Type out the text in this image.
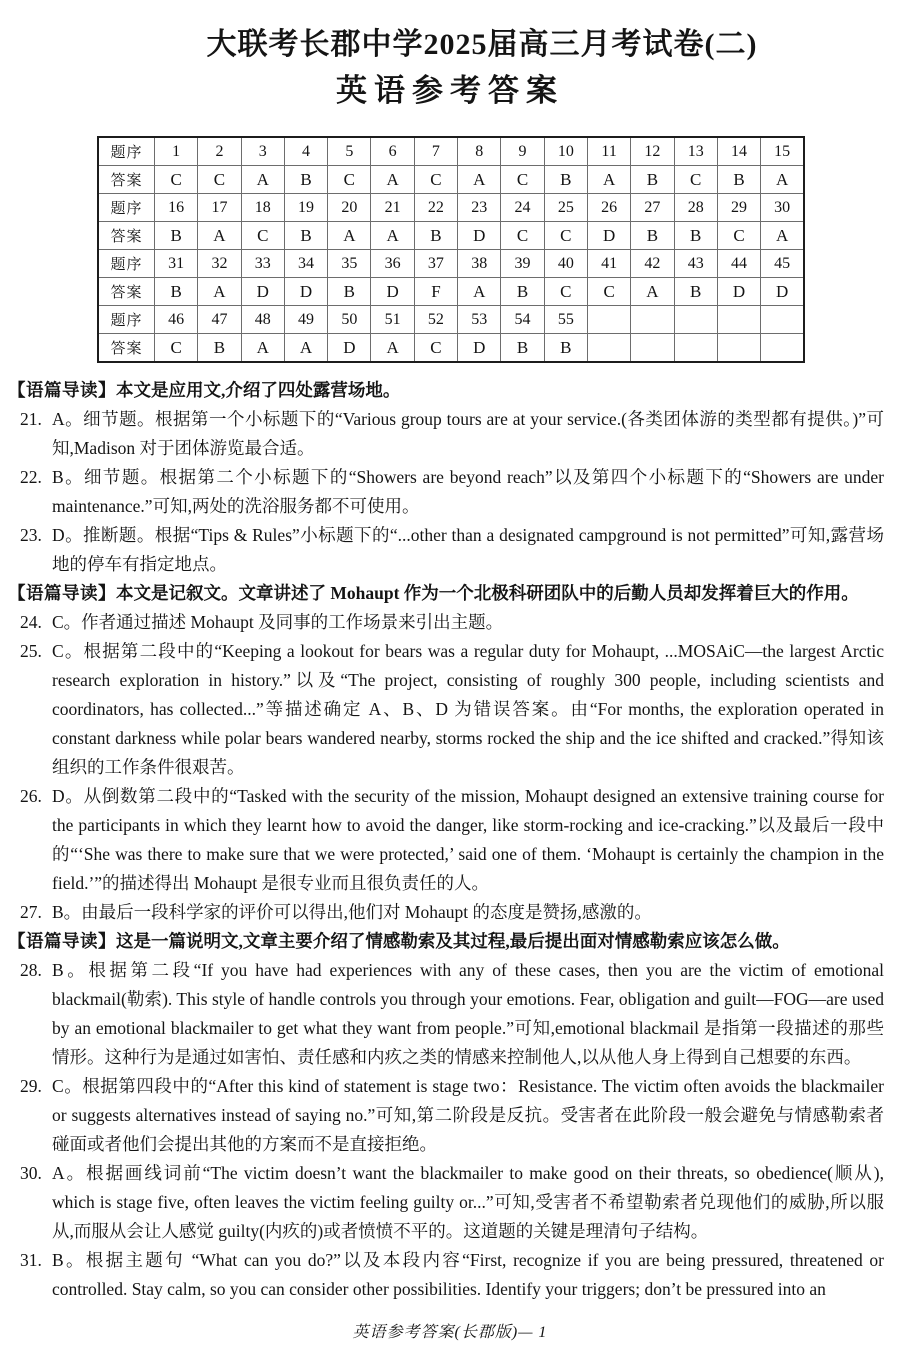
大联考长郡中学2025届高三月考试卷(二)
英语参考答案
题序	1	2	3	4	5	6	7	8	9	10	11	12	13	14	15
答案	C	C	A	B	C	A	C	A	C	B	A	B	C	B	A
题序	16	17	18	19	20	21	22	23	24	25	26	27	28	29	30
答案	B	A	C	B	A	A	B	D	C	C	D	B	B	C	A
题序	31	32	33	34	35	36	37	38	39	40	41	42	43	44	45
答案	B	A	D	D	B	D	F	A	B	C	C	A	B	D	D
题序	46	47	48	49	50	51	52	53	54	55					
答案	C	B	A	A	D	A	C	D	B	B					
【语篇导读】本文是应用文,介绍了四处露营场地。
21. A。细节题。根据第一个小标题下的“Various group tours are at your service.(各类团体游的类型都有提供。)”可知,Madison 对于团体游览最合适。
22. B。细节题。根据第二个小标题下的“Showers are beyond reach”以及第四个小标题下的“Showers are under maintenance.”可知,两处的洗浴服务都不可使用。
23. D。推断题。根据“Tips & Rules”小标题下的“...other than a designated campground is not permitted”可知,露营场地的停车有指定地点。
【语篇导读】本文是记叙文。文章讲述了 Mohaupt 作为一个北极科研团队中的后勤人员却发挥着巨大的作用。
24. C。作者通过描述 Mohaupt 及同事的工作场景来引出主题。
25. C。根据第二段中的“Keeping a lookout for bears was a regular duty for Mohaupt, ...MOSAiC—the largest Arctic research exploration in history.”以及“The project, consisting of roughly 300 people, including scientists and coordinators, has collected...”等描述确定 A、B、D 为错误答案。由“For months, the exploration operated in constant darkness while polar bears wandered nearby, storms rocked the ship and the ice shifted and cracked.”得知该组织的工作条件很艰苦。
26. D。从倒数第二段中的“Tasked with the security of the mission, Mohaupt designed an extensive training course for the participants in which they learnt how to avoid the danger, like storm-rocking and ice-cracking.”以及最后一段中的“‘She was there to make sure that we were protected,’ said one of them. ‘Mohaupt is certainly the champion in the field.’”的描述得出 Mohaupt 是很专业而且很负责任的人。
27. B。由最后一段科学家的评价可以得出,他们对 Mohaupt 的态度是赞扬,感激的。
【语篇导读】这是一篇说明文,文章主要介绍了情感勒索及其过程,最后提出面对情感勒索应该怎么做。
28. B。根据第二段“If you have had experiences with any of these cases, then you are the victim of emotional blackmail(勒索). This style of handle controls you through your emotions. Fear, obligation and guilt—FOG—are used by an emotional blackmailer to get what they want from people.”可知,emotional blackmail 是指第一段描述的那些情形。这种行为是通过如害怕、责任感和内疚之类的情感来控制他人,以从他人身上得到自己想要的东西。
29. C。根据第四段中的“After this kind of statement is stage two：Resistance. The victim often avoids the blackmailer or suggests alternatives instead of saying no.”可知,第二阶段是反抗。受害者在此阶段一般会避免与情感勒索者碰面或者他们会提出其他的方案而不是直接拒绝。
30. A。根据画线词前“The victim doesn’t want the blackmailer to make good on their threats, so obedience(顺从), which is stage five, often leaves the victim feeling guilty or...”可知,受害者不希望勒索者兑现他们的威胁,所以服从,而服从会让人感觉 guilty(内疚的)或者愤愤不平的。这道题的关键是理清句子结构。
31. B。根据主题句 “What can you do?”以及本段内容“First, recognize if you are being pressured, threatened or controlled. Stay calm, so you can consider other possibilities. Identify your triggers; don’t be pressured into an
英语参考答案(长郡版)— 1
